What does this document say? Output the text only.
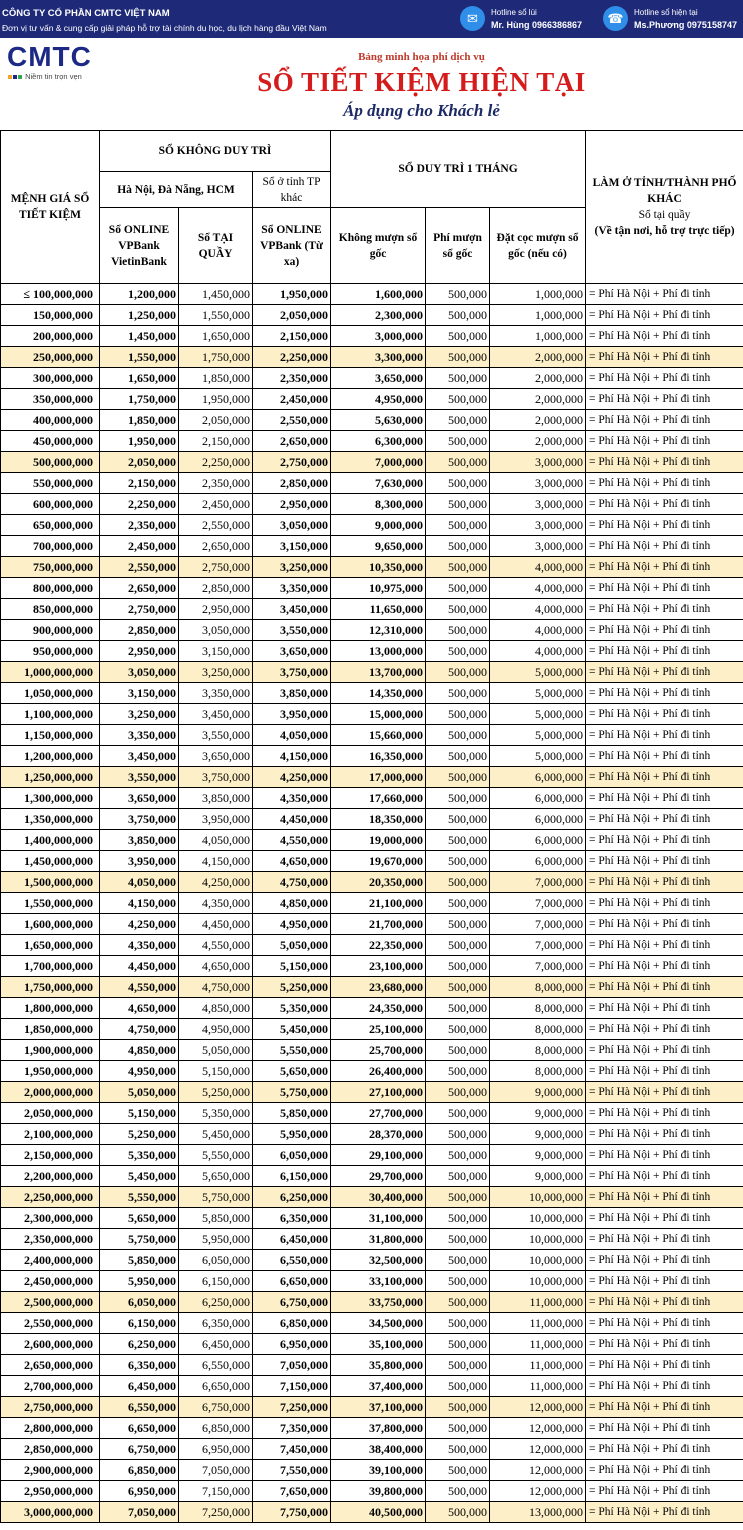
CÔNG TY CỔ PHẦN CMTC VIỆT NAM
Đơn vị tư vấn & cung cấp giải pháp hỗ trợ tài chính du học, du lịch hàng đầu Việt Nam
✉	Hotline sổ lùi
Mr. Hùng 0966386867	☎	Hotline sổ hiện tại
Ms.Phương 0975158747
CMTC
Niềm tin trọn vẹn
Bảng minh họa phí dịch vụ
SỔ TIẾT KIỆM HIỆN TẠI
Áp dụng cho Khách lẻ
MỆNH GIÁ SỔ TIẾT KIỆM	SỔ KHÔNG DUY TRÌ			SỔ DUY TRÌ 1 THÁNG			LÀM Ở TỈNH/THÀNH PHỐ KHÁC
Sổ tại quầy
(Về tận nơi, hỗ trợ trực tiếp)

	Hà Nội, Đà Nẵng, HCM		Sổ ở tỉnh TP khác				
	Sổ ONLINE VPBank VietinBank	Sổ TẠI QUẦY	Sổ ONLINE VPBank (Từ xa)	Không mượn sổ gốc	Phí mượn sổ gốc	Đặt cọc mượn sổ gốc (nếu có)	
≤ 100,000,000	1,200,000	1,450,000	1,950,000	1,600,000	500,000	1,000,000	= Phí Hà Nội + Phí đi tỉnh
150,000,000	1,250,000	1,550,000	2,050,000	2,300,000	500,000	1,000,000	= Phí Hà Nội + Phí đi tỉnh
200,000,000	1,450,000	1,650,000	2,150,000	3,000,000	500,000	1,000,000	= Phí Hà Nội + Phí đi tỉnh
250,000,000	1,550,000	1,750,000	2,250,000	3,300,000	500,000	2,000,000	= Phí Hà Nội + Phí đi tỉnh
300,000,000	1,650,000	1,850,000	2,350,000	3,650,000	500,000	2,000,000	= Phí Hà Nội + Phí đi tỉnh
350,000,000	1,750,000	1,950,000	2,450,000	4,950,000	500,000	2,000,000	= Phí Hà Nội + Phí đi tỉnh
400,000,000	1,850,000	2,050,000	2,550,000	5,630,000	500,000	2,000,000	= Phí Hà Nội + Phí đi tỉnh
450,000,000	1,950,000	2,150,000	2,650,000	6,300,000	500,000	2,000,000	= Phí Hà Nội + Phí đi tỉnh
500,000,000	2,050,000	2,250,000	2,750,000	7,000,000	500,000	3,000,000	= Phí Hà Nội + Phí đi tỉnh
550,000,000	2,150,000	2,350,000	2,850,000	7,630,000	500,000	3,000,000	= Phí Hà Nội + Phí đi tỉnh
600,000,000	2,250,000	2,450,000	2,950,000	8,300,000	500,000	3,000,000	= Phí Hà Nội + Phí đi tỉnh
650,000,000	2,350,000	2,550,000	3,050,000	9,000,000	500,000	3,000,000	= Phí Hà Nội + Phí đi tỉnh
700,000,000	2,450,000	2,650,000	3,150,000	9,650,000	500,000	3,000,000	= Phí Hà Nội + Phí đi tỉnh
750,000,000	2,550,000	2,750,000	3,250,000	10,350,000	500,000	4,000,000	= Phí Hà Nội + Phí đi tỉnh
800,000,000	2,650,000	2,850,000	3,350,000	10,975,000	500,000	4,000,000	= Phí Hà Nội + Phí đi tỉnh
850,000,000	2,750,000	2,950,000	3,450,000	11,650,000	500,000	4,000,000	= Phí Hà Nội + Phí đi tỉnh
900,000,000	2,850,000	3,050,000	3,550,000	12,310,000	500,000	4,000,000	= Phí Hà Nội + Phí đi tỉnh
950,000,000	2,950,000	3,150,000	3,650,000	13,000,000	500,000	4,000,000	= Phí Hà Nội + Phí đi tỉnh
1,000,000,000	3,050,000	3,250,000	3,750,000	13,700,000	500,000	5,000,000	= Phí Hà Nội + Phí đi tỉnh
1,050,000,000	3,150,000	3,350,000	3,850,000	14,350,000	500,000	5,000,000	= Phí Hà Nội + Phí đi tỉnh
1,100,000,000	3,250,000	3,450,000	3,950,000	15,000,000	500,000	5,000,000	= Phí Hà Nội + Phí đi tỉnh
1,150,000,000	3,350,000	3,550,000	4,050,000	15,660,000	500,000	5,000,000	= Phí Hà Nội + Phí đi tỉnh
1,200,000,000	3,450,000	3,650,000	4,150,000	16,350,000	500,000	5,000,000	= Phí Hà Nội + Phí đi tỉnh
1,250,000,000	3,550,000	3,750,000	4,250,000	17,000,000	500,000	6,000,000	= Phí Hà Nội + Phí đi tỉnh
1,300,000,000	3,650,000	3,850,000	4,350,000	17,660,000	500,000	6,000,000	= Phí Hà Nội + Phí đi tỉnh
1,350,000,000	3,750,000	3,950,000	4,450,000	18,350,000	500,000	6,000,000	= Phí Hà Nội + Phí đi tỉnh
1,400,000,000	3,850,000	4,050,000	4,550,000	19,000,000	500,000	6,000,000	= Phí Hà Nội + Phí đi tỉnh
1,450,000,000	3,950,000	4,150,000	4,650,000	19,670,000	500,000	6,000,000	= Phí Hà Nội + Phí đi tỉnh
1,500,000,000	4,050,000	4,250,000	4,750,000	20,350,000	500,000	7,000,000	= Phí Hà Nội + Phí đi tỉnh
1,550,000,000	4,150,000	4,350,000	4,850,000	21,100,000	500,000	7,000,000	= Phí Hà Nội + Phí đi tỉnh
1,600,000,000	4,250,000	4,450,000	4,950,000	21,700,000	500,000	7,000,000	= Phí Hà Nội + Phí đi tỉnh
1,650,000,000	4,350,000	4,550,000	5,050,000	22,350,000	500,000	7,000,000	= Phí Hà Nội + Phí đi tỉnh
1,700,000,000	4,450,000	4,650,000	5,150,000	23,100,000	500,000	7,000,000	= Phí Hà Nội + Phí đi tỉnh
1,750,000,000	4,550,000	4,750,000	5,250,000	23,680,000	500,000	8,000,000	= Phí Hà Nội + Phí đi tỉnh
1,800,000,000	4,650,000	4,850,000	5,350,000	24,350,000	500,000	8,000,000	= Phí Hà Nội + Phí đi tỉnh
1,850,000,000	4,750,000	4,950,000	5,450,000	25,100,000	500,000	8,000,000	= Phí Hà Nội + Phí đi tỉnh
1,900,000,000	4,850,000	5,050,000	5,550,000	25,700,000	500,000	8,000,000	= Phí Hà Nội + Phí đi tỉnh
1,950,000,000	4,950,000	5,150,000	5,650,000	26,400,000	500,000	8,000,000	= Phí Hà Nội + Phí đi tỉnh
2,000,000,000	5,050,000	5,250,000	5,750,000	27,100,000	500,000	9,000,000	= Phí Hà Nội + Phí đi tỉnh
2,050,000,000	5,150,000	5,350,000	5,850,000	27,700,000	500,000	9,000,000	= Phí Hà Nội + Phí đi tỉnh
2,100,000,000	5,250,000	5,450,000	5,950,000	28,370,000	500,000	9,000,000	= Phí Hà Nội + Phí đi tỉnh
2,150,000,000	5,350,000	5,550,000	6,050,000	29,100,000	500,000	9,000,000	= Phí Hà Nội + Phí đi tỉnh
2,200,000,000	5,450,000	5,650,000	6,150,000	29,700,000	500,000	9,000,000	= Phí Hà Nội + Phí đi tỉnh
2,250,000,000	5,550,000	5,750,000	6,250,000	30,400,000	500,000	10,000,000	= Phí Hà Nội + Phí đi tỉnh
2,300,000,000	5,650,000	5,850,000	6,350,000	31,100,000	500,000	10,000,000	= Phí Hà Nội + Phí đi tỉnh
2,350,000,000	5,750,000	5,950,000	6,450,000	31,800,000	500,000	10,000,000	= Phí Hà Nội + Phí đi tỉnh
2,400,000,000	5,850,000	6,050,000	6,550,000	32,500,000	500,000	10,000,000	= Phí Hà Nội + Phí đi tỉnh
2,450,000,000	5,950,000	6,150,000	6,650,000	33,100,000	500,000	10,000,000	= Phí Hà Nội + Phí đi tỉnh
2,500,000,000	6,050,000	6,250,000	6,750,000	33,750,000	500,000	11,000,000	= Phí Hà Nội + Phí đi tỉnh
2,550,000,000	6,150,000	6,350,000	6,850,000	34,500,000	500,000	11,000,000	= Phí Hà Nội + Phí đi tỉnh
2,600,000,000	6,250,000	6,450,000	6,950,000	35,100,000	500,000	11,000,000	= Phí Hà Nội + Phí đi tỉnh
2,650,000,000	6,350,000	6,550,000	7,050,000	35,800,000	500,000	11,000,000	= Phí Hà Nội + Phí đi tỉnh
2,700,000,000	6,450,000	6,650,000	7,150,000	37,400,000	500,000	11,000,000	= Phí Hà Nội + Phí đi tỉnh
2,750,000,000	6,550,000	6,750,000	7,250,000	37,100,000	500,000	12,000,000	= Phí Hà Nội + Phí đi tỉnh
2,800,000,000	6,650,000	6,850,000	7,350,000	37,800,000	500,000	12,000,000	= Phí Hà Nội + Phí đi tỉnh
2,850,000,000	6,750,000	6,950,000	7,450,000	38,400,000	500,000	12,000,000	= Phí Hà Nội + Phí đi tỉnh
2,900,000,000	6,850,000	7,050,000	7,550,000	39,100,000	500,000	12,000,000	= Phí Hà Nội + Phí đi tỉnh
2,950,000,000	6,950,000	7,150,000	7,650,000	39,800,000	500,000	12,000,000	= Phí Hà Nội + Phí đi tỉnh
3,000,000,000	7,050,000	7,250,000	7,750,000	40,500,000	500,000	13,000,000	= Phí Hà Nội + Phí đi tỉnh
